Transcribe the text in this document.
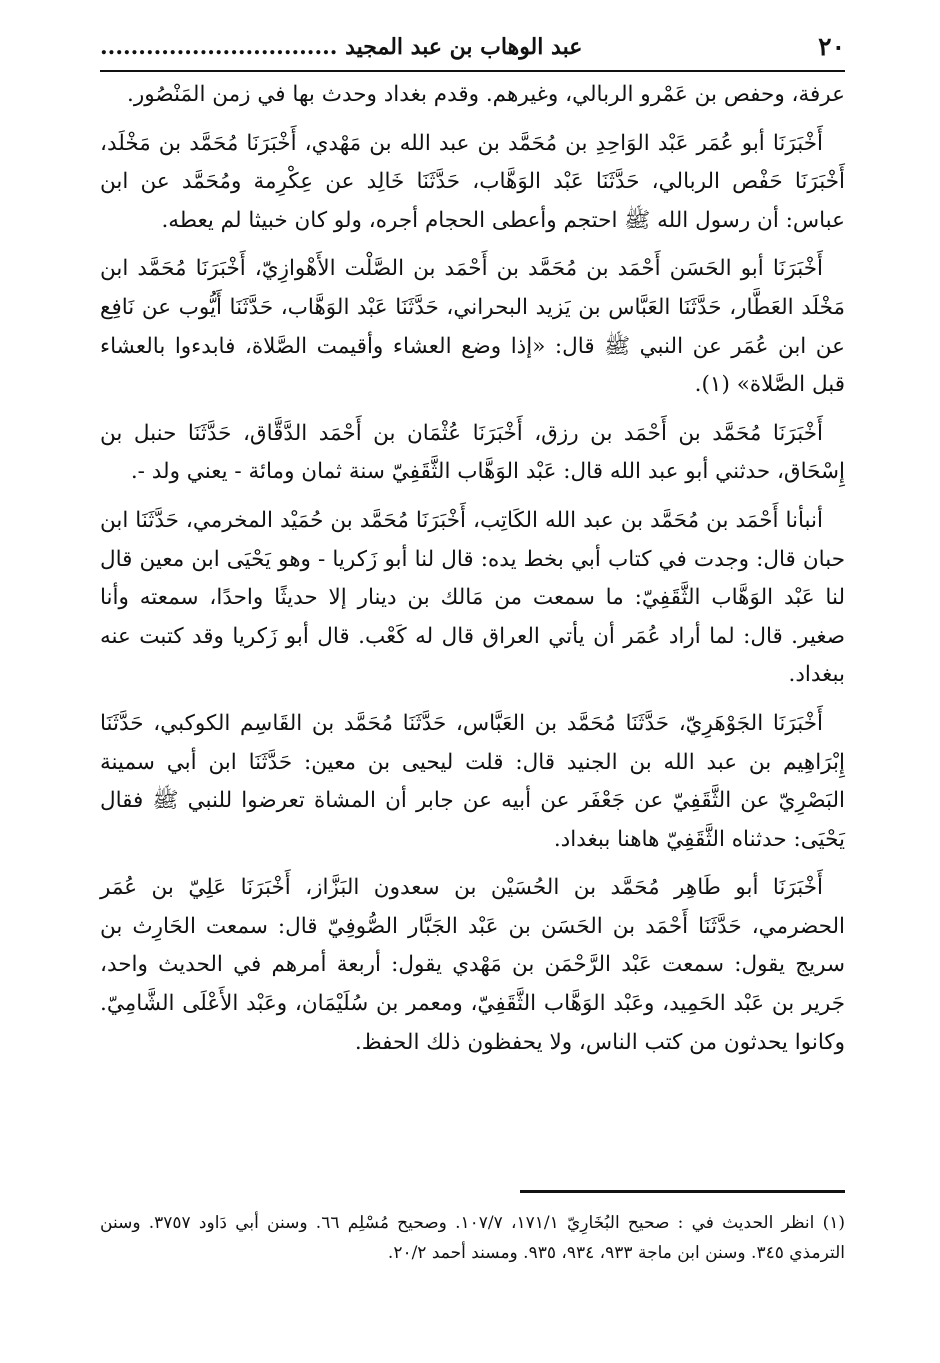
٢٠
عبد الوهاب بن عبد المجيد ...............................

عرفة، وحفص بن عَمْرو الربالي، وغيرهم. وقدم بغداد وحدث بها في زمن المَنْصُور.

أَخْبَرَنَا أبو عُمَر عَبْد الوَاحِدِ بن مُحَمَّد بن عبد الله بن مَهْدي، أَخْبَرَنَا مُحَمَّد بن مَخْلَد، أَخْبَرَنَا حَفْص الربالي، حَدَّثَنَا عَبْد الوَهَّاب، حَدَّثَنَا خَالِد عن عِكْرِمة ومُحَمَّد عن ابن عباس: أن رسول الله ﷺ احتجم وأعطى الحجام أجره، ولو كان خبيثا لم يعطه.

أَخْبَرَنَا أبو الحَسَن أَحْمَد بن مُحَمَّد بن أَحْمَد بن الصَّلْت الأَهْوازِيّ، أَخْبَرَنَا مُحَمَّد ابن مَخْلَد العَطَّار، حَدَّثَنَا العَبَّاس بن يَزيد البحراني، حَدَّثَنَا عَبْد الوَهَّاب، حَدَّثَنَا أَيُّوب عن نَافِع عن ابن عُمَر عن النبي ﷺ قال: «إذا وضع العشاء وأقيمت الصَّلاة، فابدءوا بالعشاء قبل الصَّلاة» (١).

أَخْبَرَنَا مُحَمَّد بن أَحْمَد بن رزق، أَخْبَرَنَا عُثْمَان بن أَحْمَد الدَّقَّاق، حَدَّثَنَا حنبل بن إِسْحَاق، حدثني أبو عبد الله قال: عَبْد الوَهَّاب الثَّقَفِيّ سنة ثمان ومائة - يعني ولد -.

أنبأنا أَحْمَد بن مُحَمَّد بن عبد الله الكَاتِب، أَخْبَرَنَا مُحَمَّد بن حُمَيْد المخرمي، حَدَّثَنَا ابن حبان قال: وجدت في كتاب أبي بخط يده: قال لنا أبو زَكريا - وهو يَحْيَى ابن معين قال لنا عَبْد الوَهَّاب الثَّقَفِيّ: ما سمعت من مَالك بن دينار إلا حديثًا واحدًا، سمعته وأنا صغير. قال: لما أراد عُمَر أن يأتي العراق قال له كَعْب. قال أبو زَكريا وقد كتبت عنه ببغداد.

أَخْبَرَنَا الجَوْهَرِيّ، حَدَّثَنَا مُحَمَّد بن العَبَّاس، حَدَّثَنَا مُحَمَّد بن القَاسِم الكوكبي، حَدَّثَنَا إِبْرَاهِيم بن عبد الله بن الجنيد قال: قلت ليحيى بن معين: حَدَّثَنَا ابن أبي سمينة البَصْرِيّ عن الثَّقَفِيّ عن جَعْفَر عن أبيه عن جابر أن المشاة تعرضوا للنبي ﷺ فقال يَحْيَى: حدثناه الثَّقَفِيّ هاهنا ببغداد.

أَخْبَرَنَا أبو طَاهِر مُحَمَّد بن الحُسَيْن بن سعدون البَزَّاز، أَخْبَرَنَا عَلِيّ بن عُمَر الحضرمي، حَدَّثَنَا أَحْمَد بن الحَسَن بن عَبْد الجَبَّار الصُّوفِيّ قال: سمعت الحَارِث بن سريج يقول: سمعت عَبْد الرَّحْمَن بن مَهْدي يقول: أربعة أمرهم في الحديث واحد، جَرير بن عَبْد الحَمِيد، وعَبْد الوَهَّاب الثَّقَفِيّ، ومعمر بن سُلَيْمَان، وعَبْد الأَعْلَى الشَّامِيّ. وكانوا يحدثون من كتب الناس، ولا يحفظون ذلك الحفظ.

(١) انظر الحديث في : صحيح البُخَارِيّ ١٧١/١، ١٠٧/٧. وصحيح مُسْلِم ٦٦. وسنن أبي دَاود ٣٧٥٧. وسنن الترمذي ٣٤٥. وسنن ابن ماجة ٩٣٣، ٩٣٤، ٩٣٥. ومسند أحمد ٢٠/٢.
